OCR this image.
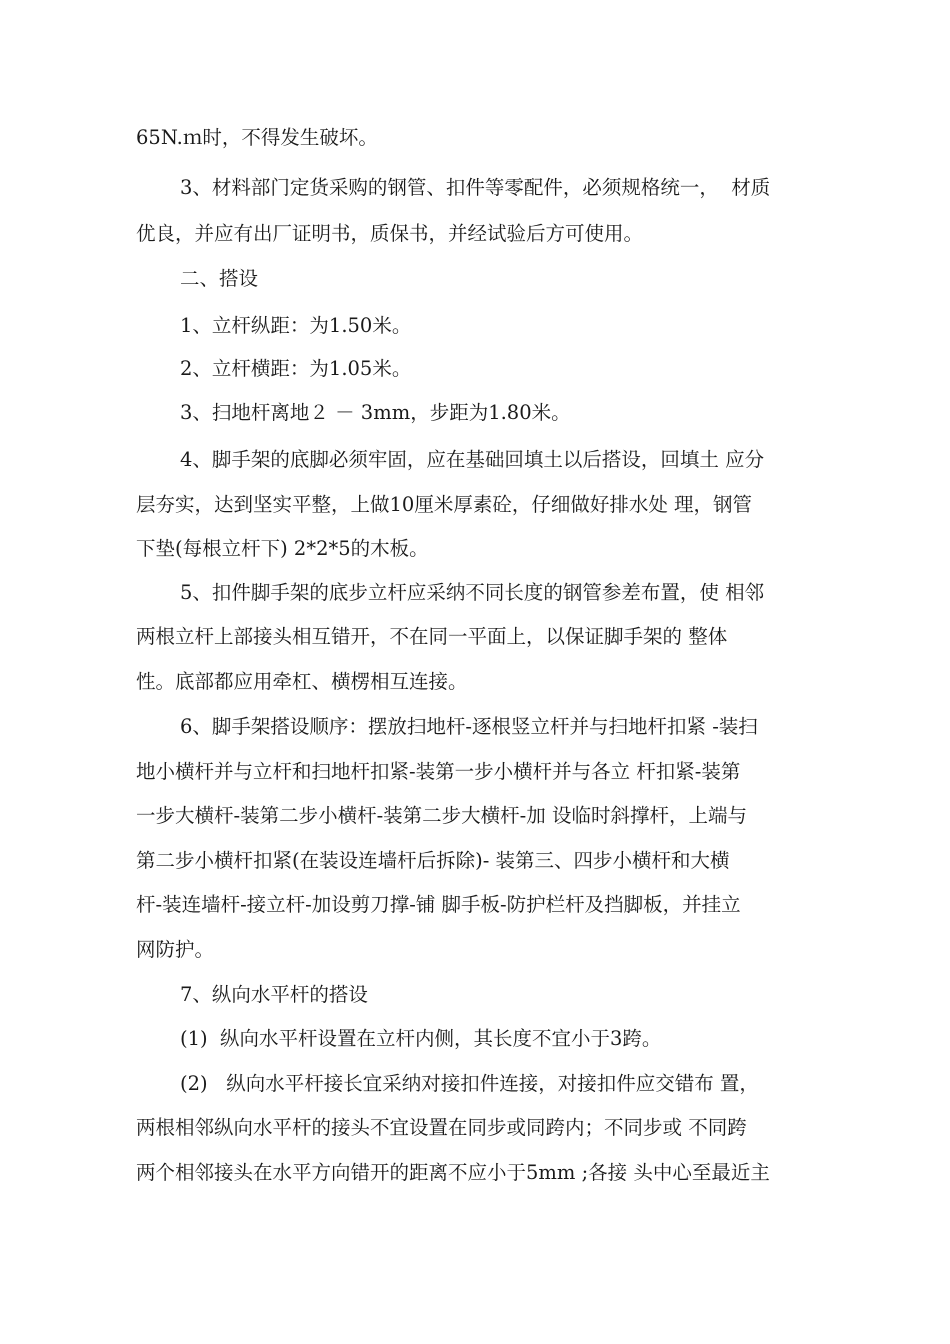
65N.ｍ时，不得发生破坏。

3、材料部门定货采购的钢管、扣件等零配件，必须规格统一，  材质

优良，并应有出厂证明书，质保书，并经试验后方可使用。

二、搭设

1、立杆纵距：为1.50米。

2、立杆横距：为1.05米。

3、扫地杆离地２ － 3mm，步距为1.80米。

4、脚手架的底脚必须牢固，应在基础回填土以后搭设，回填土 应分

层夯实，达到坚实平整，上做10厘米厚素砼，仔细做好排水处 理，钢管

下垫(每根立杆下) 2*2*5的木板。

5、扣件脚手架的底步立杆应采纳不同长度的钢管参差布置，使 相邻

两根立杆上部接头相互错开，不在同一平面上，以保证脚手架的 整体

性。底部都应用牵杠、横楞相互连接。

6、脚手架搭设顺序：摆放扫地杆-逐根竖立杆并与扫地杆扣紧 -装扫

地小横杆并与立杆和扫地杆扣紧-装第一步小横杆并与各立 杆扣紧-装第

一步大横杆-装第二步小横杆-装第二步大横杆-加 设临时斜撑杆，上端与

第二步小横杆扣紧(在装设连墙杆后拆除)- 装第三、四步小横杆和大横

杆-装连墙杆-接立杆-加设剪刀撑-铺 脚手板-防护栏杆及挡脚板，并挂立

网防护。

7、纵向水平杆的搭设

(1)  纵向水平杆设置在立杆内侧，其长度不宜小于3跨。

(2)   纵向水平杆接长宜采纳对接扣件连接，对接扣件应交错布 置，

两根相邻纵向水平杆的接头不宜设置在同步或同跨内；不同步或 不同跨

两个相邻接头在水平方向错开的距离不应小于5mm ;各接 头中心至最近主
